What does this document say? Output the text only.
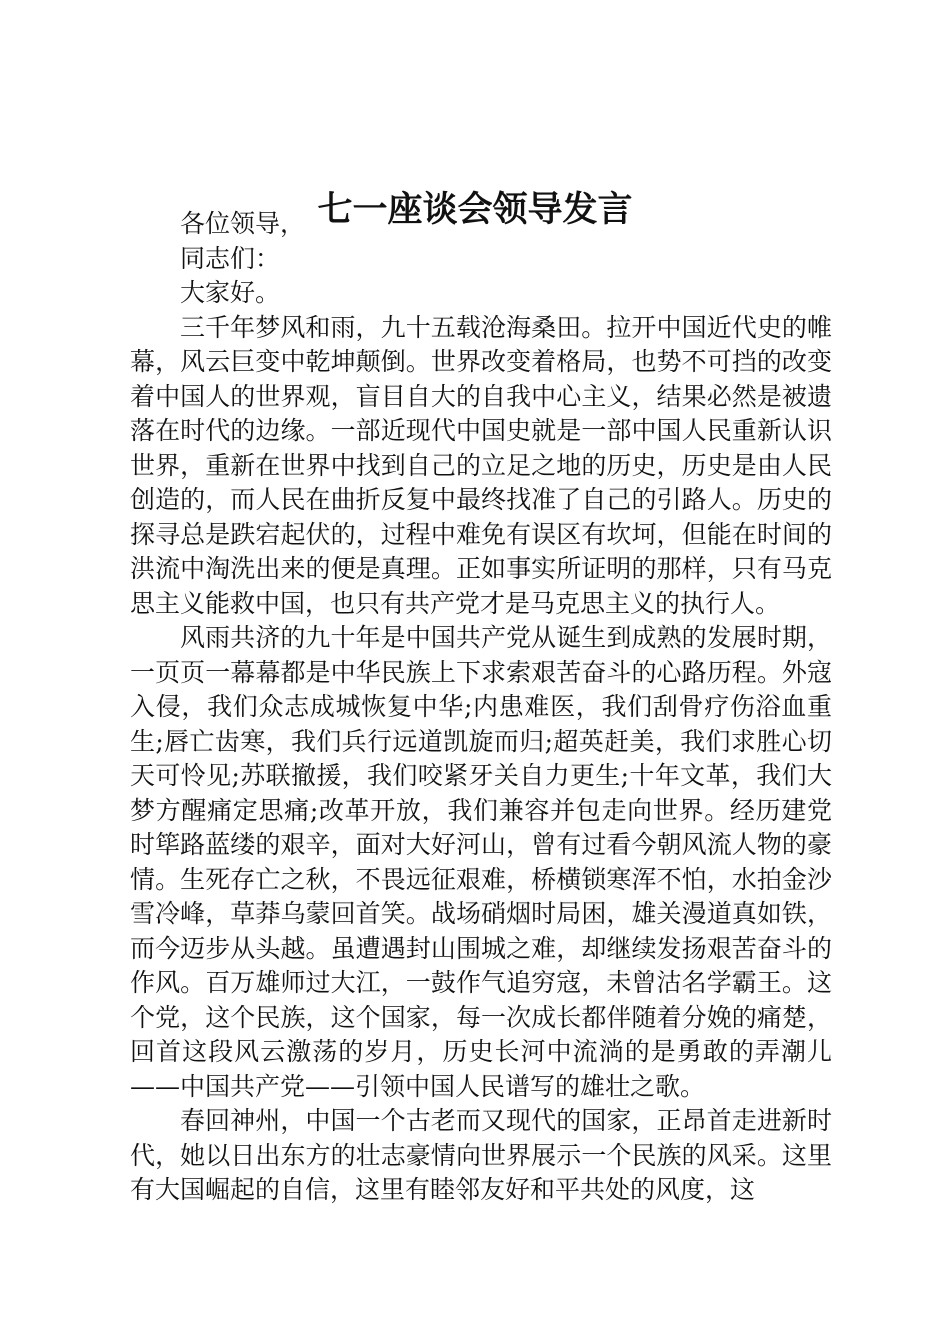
七一座谈会领导发言

各位领导，

同志们：

大家好。

三千年梦风和雨，九十五载沧海桑田。拉开中国近代史的帷幕，风云巨变中乾坤颠倒。世界改变着格局，也势不可挡的改变着中国人的世界观，盲目自大的自我中心主义，结果必然是被遗落在时代的边缘。一部近现代中国史就是一部中国人民重新认识世界，重新在世界中找到自己的立足之地的历史，历史是由人民创造的，而人民在曲折反复中最终找准了自己的引路人。历史的探寻总是跌宕起伏的，过程中难免有误区有坎坷，但能在时间的洪流中淘洗出来的便是真理。正如事实所证明的那样，只有马克思主义能救中国，也只有共产党才是马克思主义的执行人。

风雨共济的九十年是中国共产党从诞生到成熟的发展时期，一页页一幕幕都是中华民族上下求索艰苦奋斗的心路历程。外寇入侵，我们众志成城恢复中华;内患难医，我们刮骨疗伤浴血重生;唇亡齿寒，我们兵行远道凯旋而归;超英赶美，我们求胜心切天可怜见;苏联撤援，我们咬紧牙关自力更生;十年文革，我们大梦方醒痛定思痛;改革开放，我们兼容并包走向世界。经历建党时筚路蓝缕的艰辛，面对大好河山，曾有过看今朝风流人物的豪情。生死存亡之秋，不畏远征艰难，桥横锁寒浑不怕，水拍金沙雪冷峰，草莽乌蒙回首笑。战场硝烟时局困，雄关漫道真如铁，而今迈步从头越。虽遭遇封山围城之难，却继续发扬艰苦奋斗的作风。百万雄师过大江，一鼓作气追穷寇，未曾沽名学霸王。这个党，这个民族，这个国家，每一次成长都伴随着分娩的痛楚，回首这段风云激荡的岁月，历史长河中流淌的是勇敢的弄潮儿——中国共产党——引领中国人民谱写的雄壮之歌。

春回神州，中国一个古老而又现代的国家，正昂首走进新时代，她以日出东方的壮志豪情向世界展示一个民族的风采。这里有大国崛起的自信，这里有睦邻友好和平共处的风度，这
